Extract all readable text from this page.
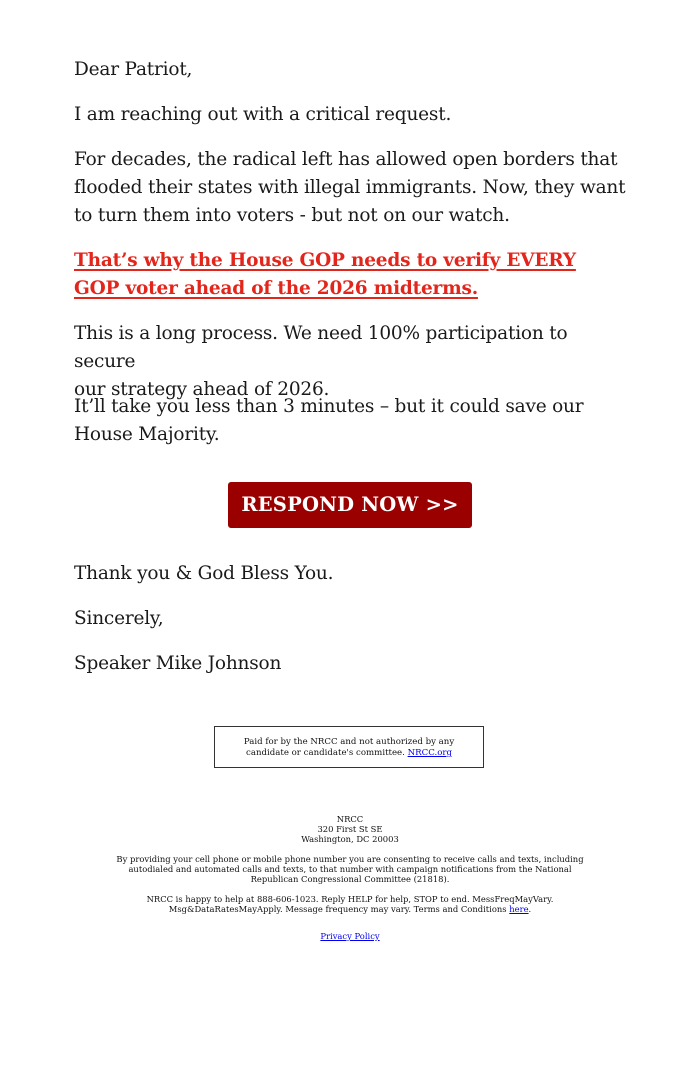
Dear Patriot,

I am reaching out with a critical request.

For decades, the radical left has allowed open borders that

flooded their states with illegal immigrants. Now, they want

to turn them into voters - but not on our watch.

That’s why the House GOP needs to verify EVERY

GOP voter ahead of the 2026 midterms.

This is a long process. We need 100% participation to secure

our strategy ahead of 2026.

It’ll take you less than 3 minutes – but it could save our

House Majority.

Thank you & God Bless You.

Sincerely,

Speaker Mike Johnson

RESPOND NOW >>
Paid for by the NRCC and not authorized by any
candidate or candidate's committee. NRCC.org
NRCC
320 First St SE
Washington, DC 20003
By providing your cell phone or mobile phone number you are consenting to receive calls and texts, including
autodialed and automated calls and texts, to that number with campaign notifications from the National
Republican Congressional Committee (21818).
NRCC is happy to help at 888-606-1023. Reply HELP for help, STOP to end. MessFreqMayVary.
Msg&DataRatesMayApply. Message frequency may vary. Terms and Conditions here.
Privacy Policy
